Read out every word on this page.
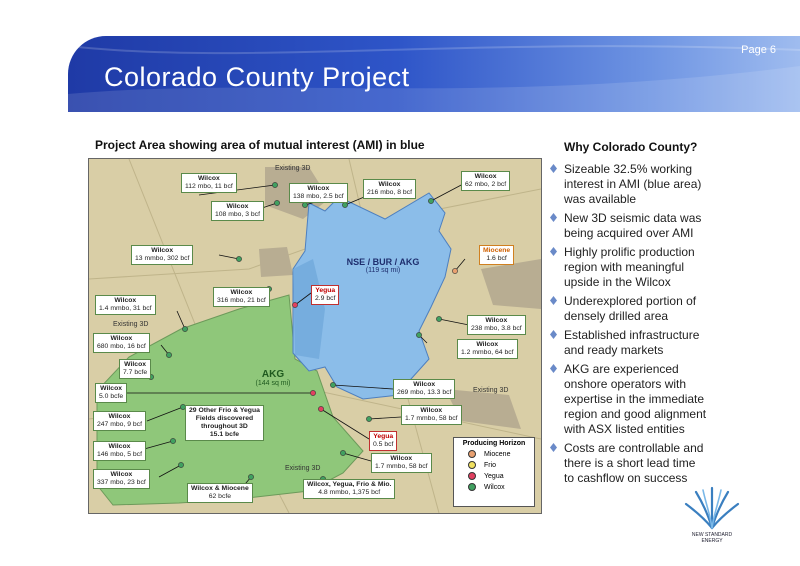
Page 6
Colorado County Project
Project Area showing area of mutual interest (AMI) in blue	Why Colorado County?
Existing 3D
Existing 3D
Existing 3D
Existing 3D
NSE / BUR / AKG
(119 sq mi)
AKG
(144 sq mi)
Wilcox
112 mbo, 11 bcf	Wilcox
138 mbo, 2.5 bcf
Wilcox
216 mbo, 8 bcf
Wilcox
62 mbo, 2 bcf
Wilcox
108 mbo, 3 bcf
Wilcox
13 mmbo, 302 bcf
Miocene
1.6 bcf
Wilcox
316 mbo, 21 bcf
Yegua
2.9 bcf
Wilcox
1.4 mmbo, 31 bcf
Wilcox
238 mbo, 3.8 bcf
Wilcox
680 mbo, 16 bcf	Wilcox
1.2 mmbo, 64 bcf
Wilcox
7.7 bcfe
Wilcox
5.0 bcfe
Wilcox
269 mbo, 13.3 bcf
Wilcox
1.7 mmbo, 58 bcf
Wilcox
247 mbo, 9 bcf
Yegua
0.5 bcf
Wilcox
146 mbo, 5 bcf
Wilcox
1.7 mmbo, 58 bcf
Wilcox
337 mbo, 23 bcf
Wilcox & Miocene
62 bcfe
Wilcox, Yegua, Frio & Mio.
4.8 mmbo, 1,375 bcf
29 Other Frio & Yegua
Fields discovered
throughout 3D
15.1 bcfe
Producing Horizon
Miocene
Frio
Yegua
Wilcox
Sizeable 32.5% working interest in AMI (blue area) was available
New 3D seismic data was being acquired over AMI
Highly prolific production region with meaningful upside in the Wilcox
Underexplored portion of densely drilled area
Established infrastructure and ready markets
AKG are experienced onshore operators with expertise in the immediate region and good alignment with ASX listed entities
Costs are controllable and there is a short lead time to cashflow on success
NEW STANDARD
ENERGY
